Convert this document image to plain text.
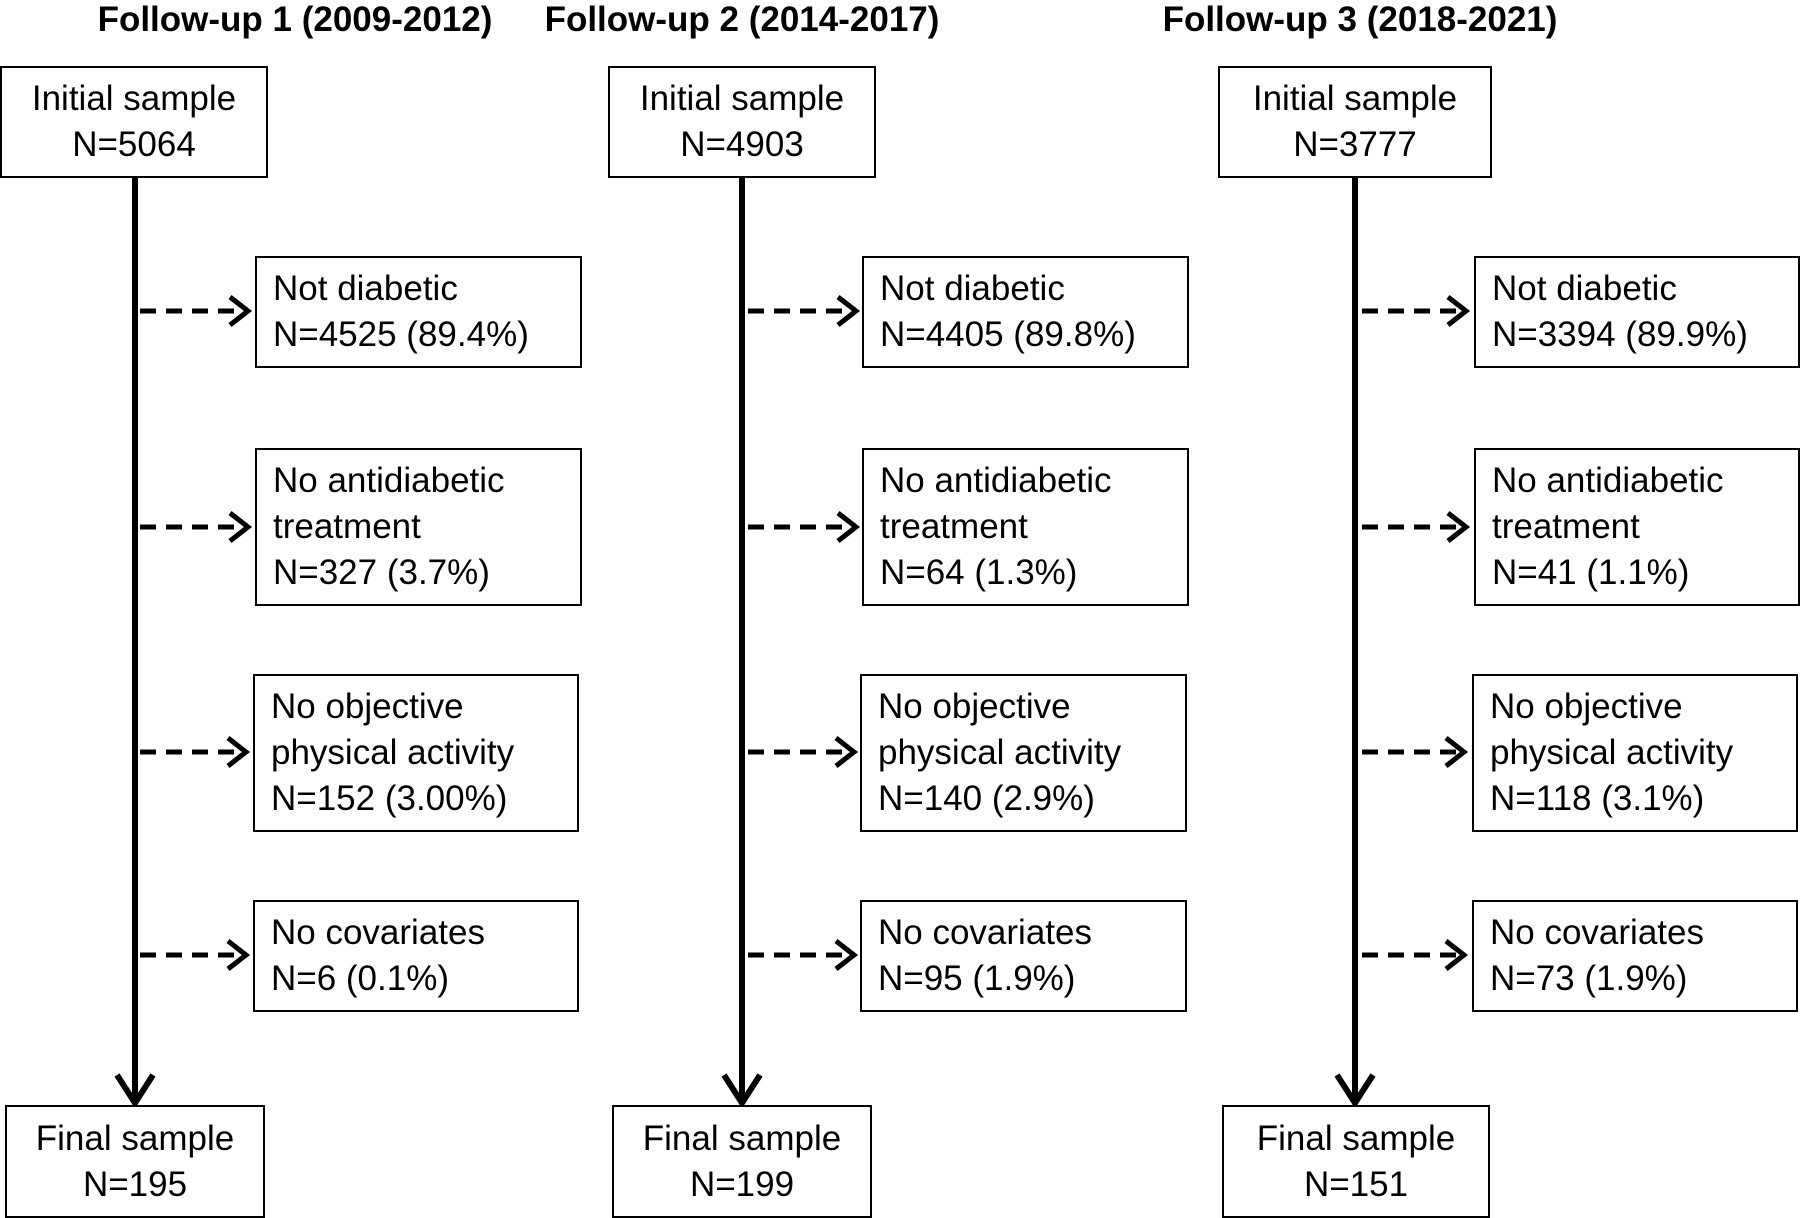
Follow-up 1 (2009-2012)
Initial sample
N=5064
Not diabetic
N=4525 (89.4%)
No antidiabetic
treatment
N=327 (3.7%)
No objective
physical activity
N=152 (3.00%)
No covariates
N=6 (0.1%)
Final sample
N=195
Follow-up 2 (2014-2017)
Initial sample
N=4903
Not diabetic
N=4405 (89.8%)
No antidiabetic
treatment
N=64 (1.3%)
No objective
physical activity
N=140 (2.9%)
No covariates
N=95 (1.9%)
Final sample
N=199
Follow-up 3 (2018-2021)
Initial sample
N=3777
Not diabetic
N=3394 (89.9%)
No antidiabetic
treatment
N=41 (1.1%)
No objective
physical activity
N=118 (3.1%)
No covariates
N=73 (1.9%)
Final sample
N=151
